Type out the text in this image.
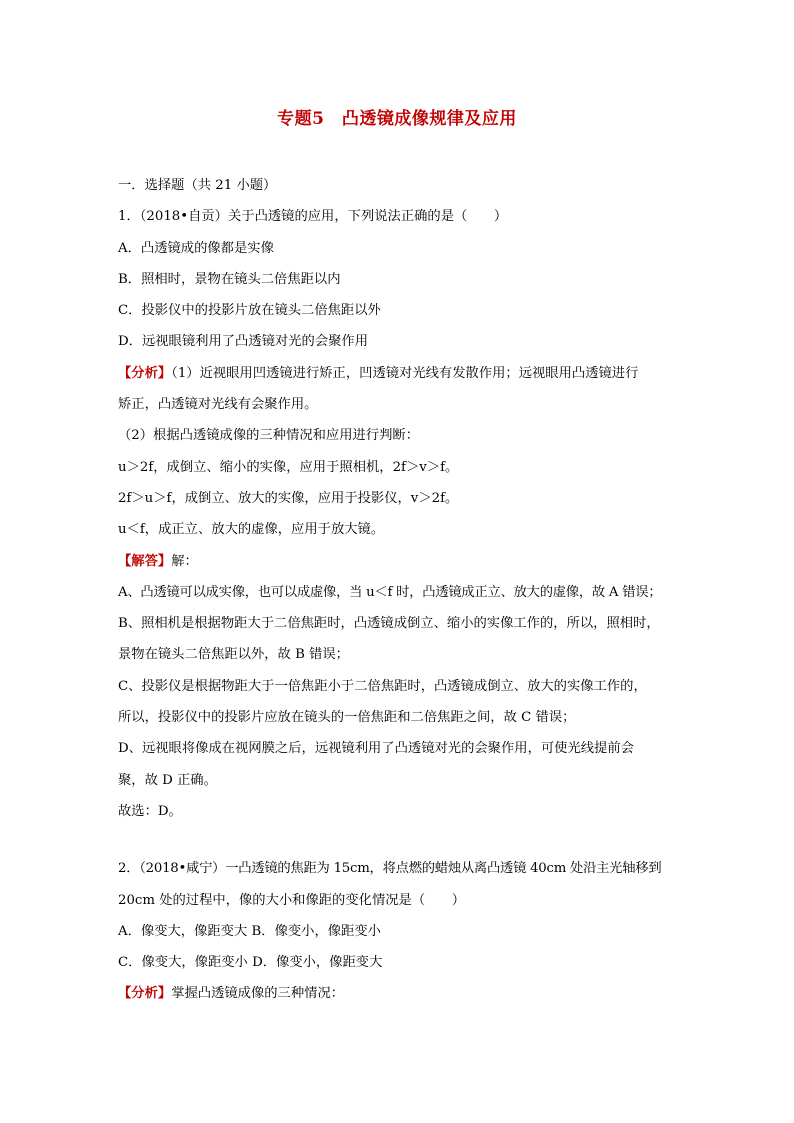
专题5　凸透镜成像规律及应用
一．选择题（共 21 小题）
1．（2018•自贡）关于凸透镜的应用，下列说法正确的是（　　）
A．凸透镜成的像都是实像
B．照相时，景物在镜头二倍焦距以内
C．投影仪中的投影片放在镜头二倍焦距以外
D．远视眼镜利用了凸透镜对光的会聚作用
【分析】（1）近视眼用凹透镜进行矫正，凹透镜对光线有发散作用；远视眼用凸透镜进行
矫正，凸透镜对光线有会聚作用。
（2）根据凸透镜成像的三种情况和应用进行判断：
u＞2f，成倒立、缩小的实像，应用于照相机，2f＞v＞f。
2f＞u＞f，成倒立、放大的实像，应用于投影仪，v＞2f。
u＜f，成正立、放大的虚像，应用于放大镜。
【解答】解：
A、凸透镜可以成实像，也可以成虚像，当 u＜f 时，凸透镜成正立、放大的虚像，故 A 错误；
B、照相机是根据物距大于二倍焦距时，凸透镜成倒立、缩小的实像工作的，所以，照相时，
景物在镜头二倍焦距以外，故 B 错误；
C、投影仪是根据物距大于一倍焦距小于二倍焦距时，凸透镜成倒立、放大的实像工作的，
所以，投影仪中的投影片应放在镜头的一倍焦距和二倍焦距之间，故 C 错误；
D、远视眼将像成在视网膜之后，远视镜利用了凸透镜对光的会聚作用，可使光线提前会
聚，故 D 正确。
故选：D。
2．（2018•咸宁）一凸透镜的焦距为 15cm，将点燃的蜡烛从离凸透镜 40cm 处沿主光轴移到
20cm 处的过程中，像的大小和像距的变化情况是（　　）
A．像变大，像距变大 B．像变小，像距变小
C．像变大，像距变小 D．像变小，像距变大
【分析】掌握凸透镜成像的三种情况：
